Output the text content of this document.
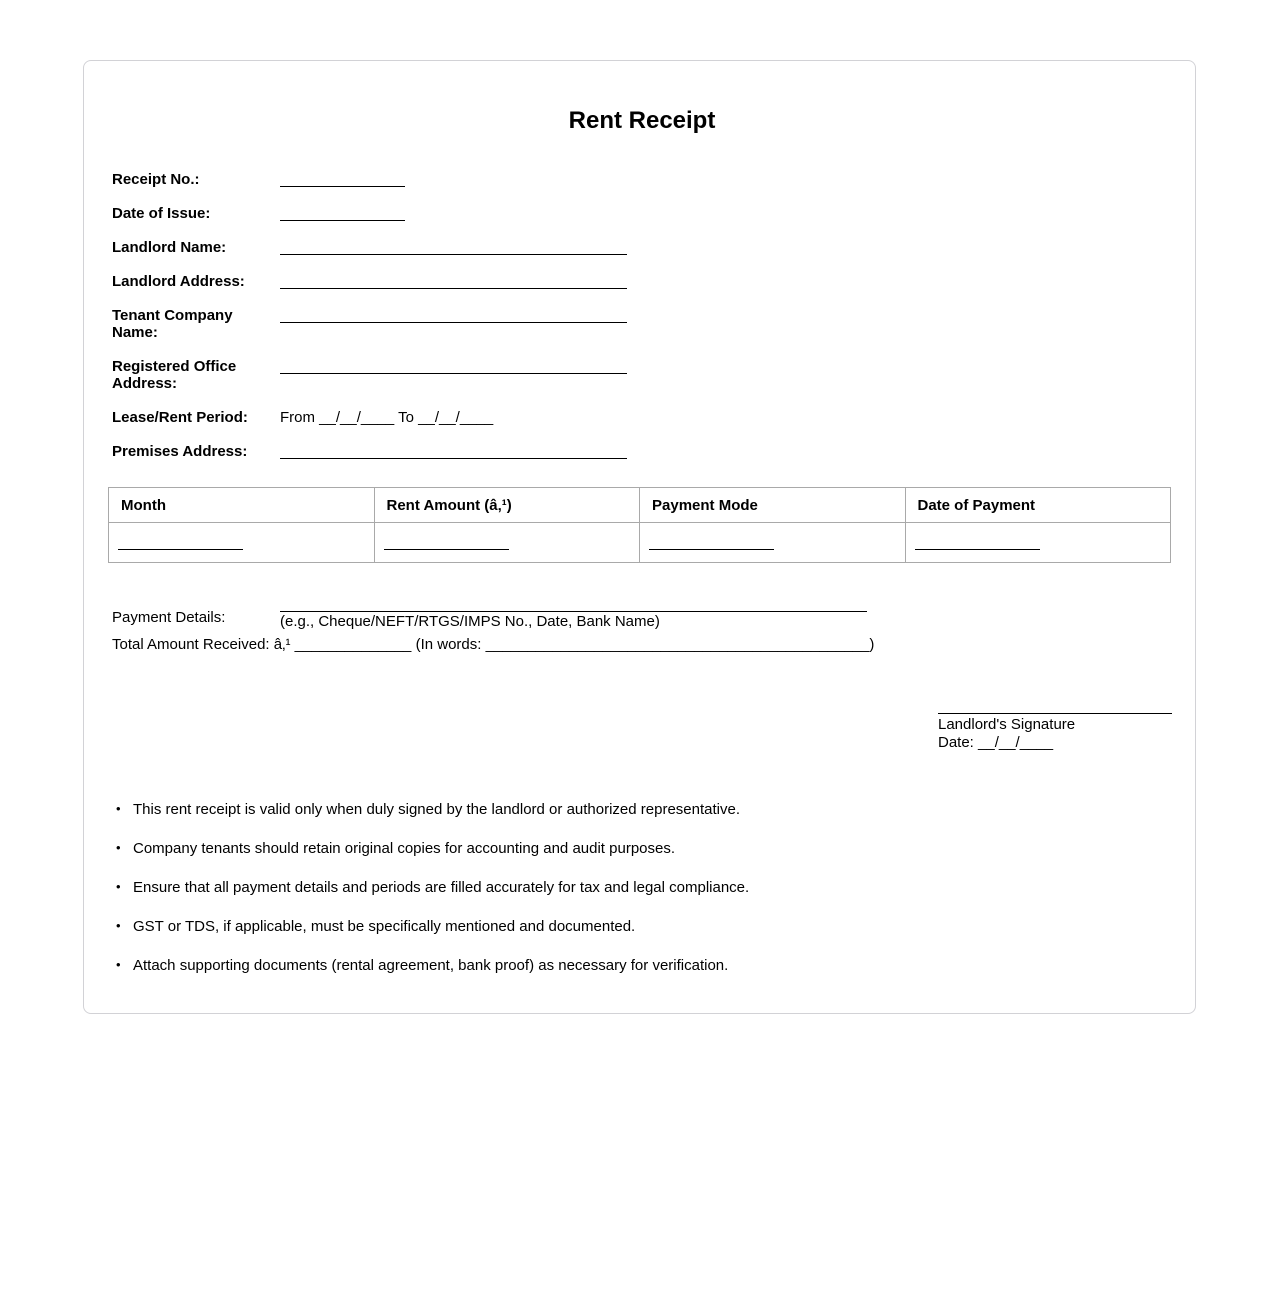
Rent Receipt
Receipt No.:
Date of Issue:
Landlord Name:
Landlord Address:
Tenant Company Name:
Registered Office Address:
Lease/Rent Period:	From __/__/____ To __/__/____
Premises Address:
Month	Rent Amount (â‚¹)	Payment Mode	Date of Payment

Payment Details:	(e.g., Cheque/NEFT/RTGS/IMPS No., Date, Bank Name)
Total Amount Received: â‚¹ ______________ (In words: ______________________________________________)
Landlord's Signature
Date: __/__/____
• This rent receipt is valid only when duly signed by the landlord or authorized representative.
• Company tenants should retain original copies for accounting and audit purposes.
• Ensure that all payment details and periods are filled accurately for tax and legal compliance.
• GST or TDS, if applicable, must be specifically mentioned and documented.
• Attach supporting documents (rental agreement, bank proof) as necessary for verification.
